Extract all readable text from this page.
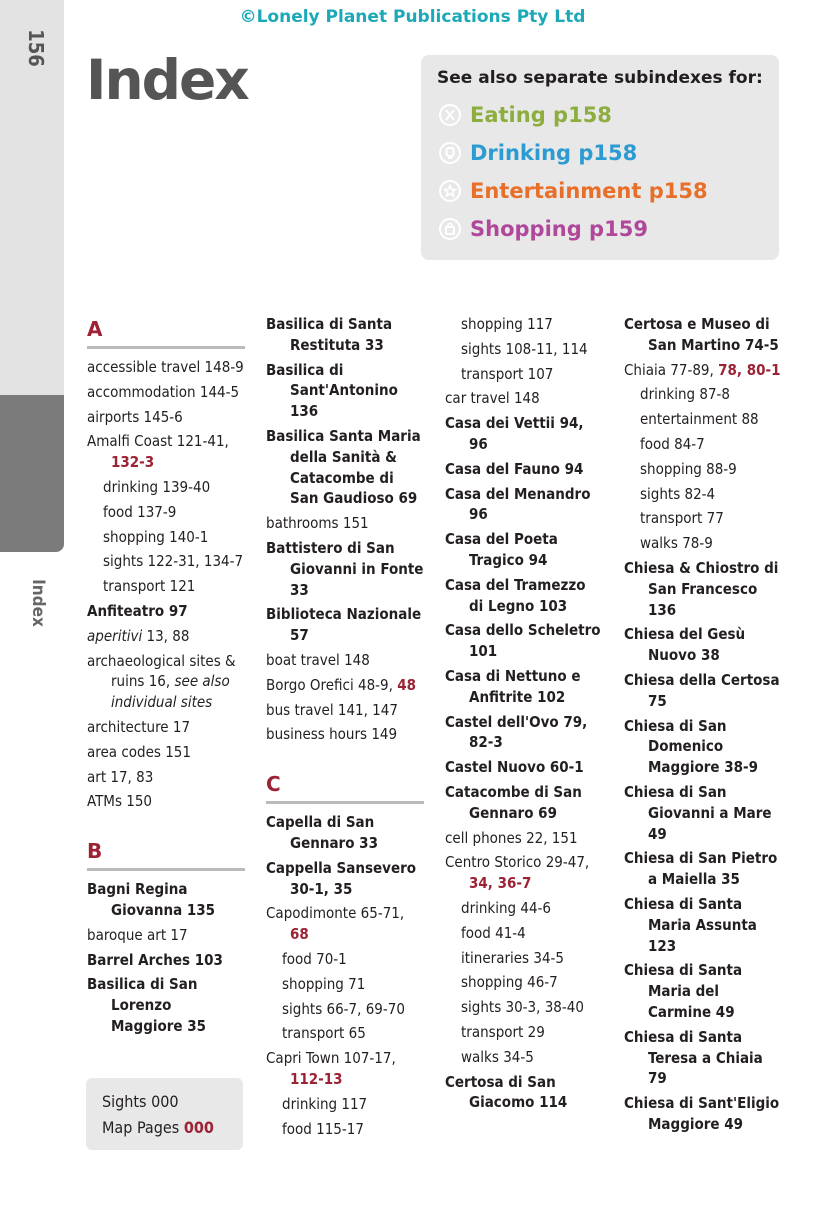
156
Index
©Lonely Planet Publications Pty Ltd
Index	See also separate subindexes for:
Eating p158
Drinking p158
Entertainment p158
Shopping p159
A
accessible travel 148-9
accommodation 144-5
airports 145-6
Amalfi Coast 121-41, 132-3
drinking 139-40
food 137-9
shopping 140-1
sights 122-31, 134-7
transport 121
Anfiteatro 97
aperitivi 13, 88
archaeological sites & ruins 16, see also individual sites
architecture 17
area codes 151
art 17, 83
ATMs 150
B
Bagni Regina Giovanna 135
baroque art 17
Barrel Arches 103
Basilica di San Lorenzo Maggiore 35
Basilica di Santa Restituta 33
Basilica di Sant'Antonino 136
Basilica Santa Maria della Sanità & Catacombe di San Gaudioso 69
bathrooms 151
Battistero di San Giovanni in Fonte 33
Biblioteca Nazionale 57
boat travel 148
Borgo Orefici 48-9, 48
bus travel 141, 147
business hours 149
C
Capella di San Gennaro 33
Cappella Sansevero 30-1, 35
Capodimonte 65-71, 68
food 70-1
shopping 71
sights 66-7, 69-70
transport 65
Capri Town 107-17, 112-13
drinking 117
food 115-17
shopping 117
sights 108-11, 114
transport 107
car travel 148
Casa dei Vettii 94, 96
Casa del Fauno 94
Casa del Menandro 96
Casa del Poeta Tragico 94
Casa del Tramezzo di Legno 103
Casa dello Scheletro 101
Casa di Nettuno e Anfitrite 102
Castel dell'Ovo 79, 82-3
Castel Nuovo 60-1
Catacombe di San Gennaro 69
cell phones 22, 151
Centro Storico 29-47, 34, 36-7
drinking 44-6
food 41-4
itineraries 34-5
shopping 46-7
sights 30-3, 38-40
transport 29
walks 34-5
Certosa di San Giacomo 114
Certosa e Museo di San Martino 74-5
Chiaia 77-89, 78, 80-1
drinking 87-8
entertainment 88
food 84-7
shopping 88-9
sights 82-4
transport 77
walks 78-9
Chiesa & Chiostro di San Francesco 136
Chiesa del Gesù Nuovo 38
Chiesa della Certosa 75
Chiesa di San Domenico Maggiore 38-9
Chiesa di San Giovanni a Mare 49
Chiesa di San Pietro a Maiella 35
Chiesa di Santa Maria Assunta 123
Chiesa di Santa Maria del Carmine 49
Chiesa di Santa Teresa a Chiaia 79
Chiesa di Sant'Eligio Maggiore 49
Sights 000
Map Pages 000
